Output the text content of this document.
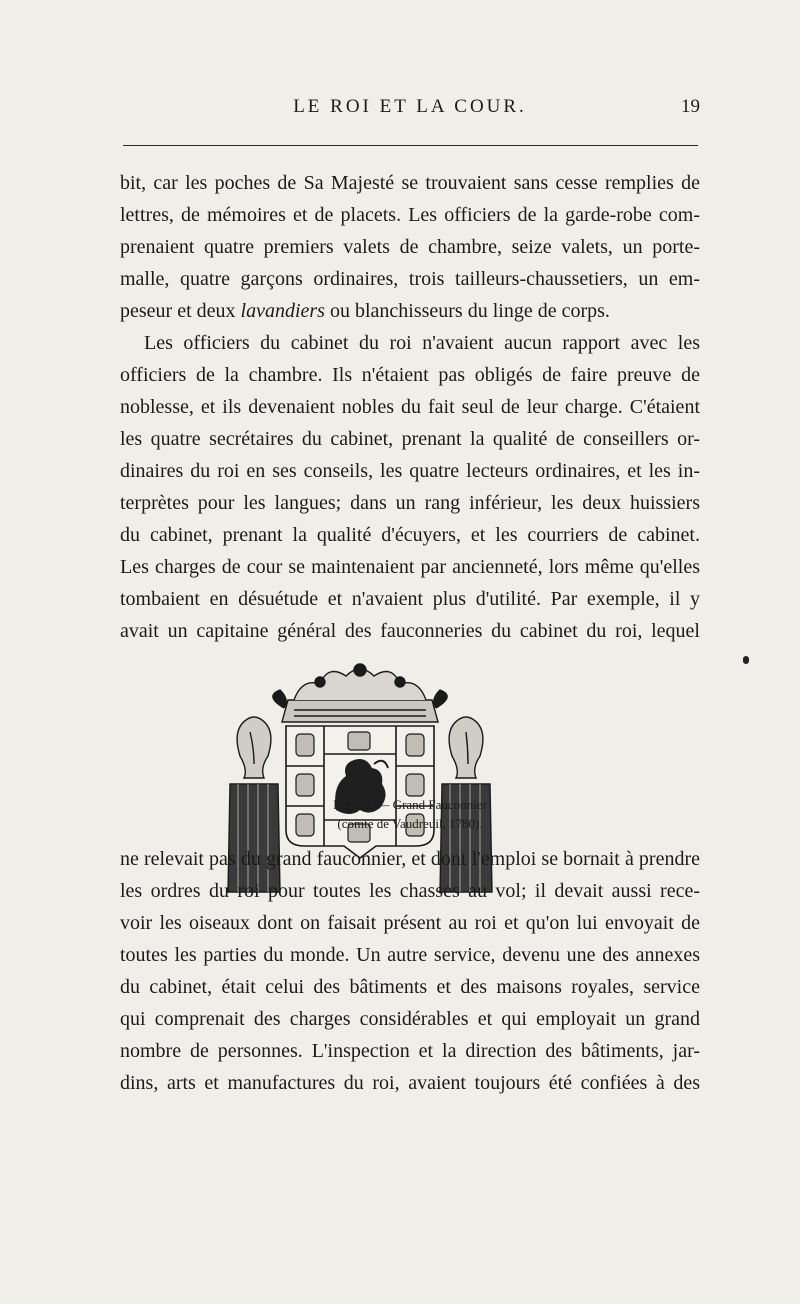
LE ROI ET LA COUR.	19
bit, car les poches de Sa Majesté se trouvaient sans cesse remplies de
lettres, de mémoires et de placets. Les officiers de la garde-robe com-
prenaient quatre premiers valets de chambre, seize valets, un porte-
malle, quatre garçons ordinaires, trois tailleurs-chaussetiers, un em-
peseur et deux lavandiers ou blanchisseurs du linge de corps.
Les officiers du cabinet du roi n'avaient aucun rapport avec les
officiers de la chambre. Ils n'étaient pas obligés de faire preuve de
noblesse, et ils devenaient nobles du fait seul de leur charge. C'étaient
les quatre secrétaires du cabinet, prenant la qualité de conseillers or-
dinaires du roi en ses conseils, les quatre lecteurs ordinaires, et les in-
terprètes pour les langues; dans un rang inférieur, les deux huissiers
du cabinet, prenant la qualité d'écuyers, et les courriers de cabinet.
Les charges de cour se maintenaient par ancienneté, lors même qu'elles
tombaient en désuétude et n'avaient plus d'utilité. Par exemple, il y
avait un capitaine général des fauconneries du cabinet du roi, lequel
Fig. 10. — Grand Fauconnier
(comte de Vaudreuil, 1780).
ne relevait pas du grand fauconnier, et dont l'emploi se bornait à prendre
les ordres du roi pour toutes les chasses au vol; il devait aussi rece-
voir les oiseaux dont on faisait présent au roi et qu'on lui envoyait de
toutes les parties du monde. Un autre service, devenu une des annexes
du cabinet, était celui des bâtiments et des maisons royales, service
qui comprenait des charges considérables et qui employait un grand
nombre de personnes. L'inspection et la direction des bâtiments, jar-
dins, arts et manufactures du roi, avaient toujours été confiées à des
